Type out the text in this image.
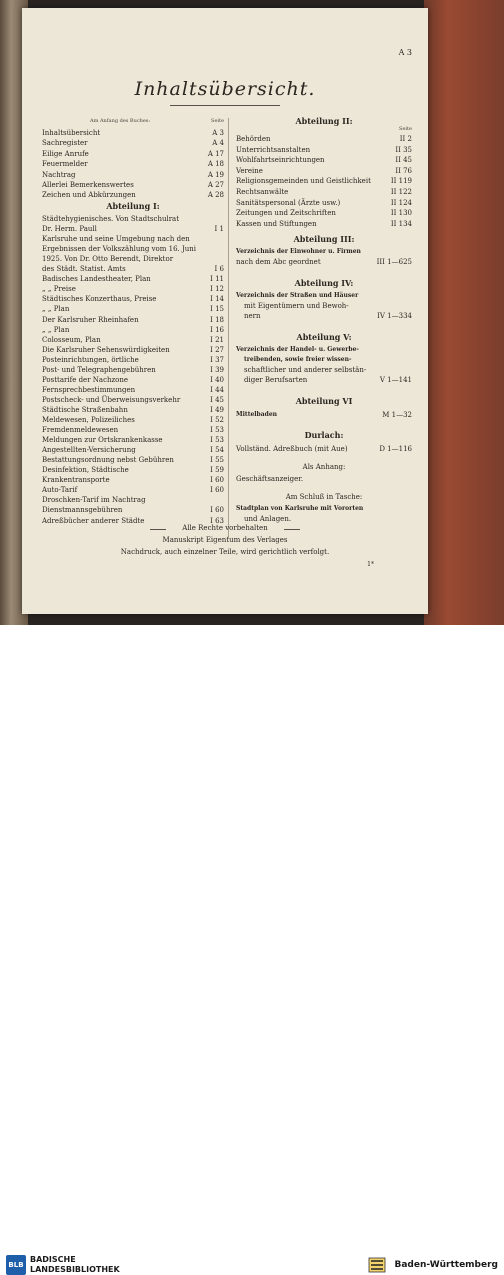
A 3
Inhaltsübersicht.
Am Anfang des Buches:	Seite
Inhaltsübersicht	A 3
Sachregister	A 4
Eilige Anrufe	A 17
Feuermelder	A 18
Nachtrag	A 19
Allerlei Bemerkenswertes	A 27
Zeichen und Abkürzungen	A 28
Abteilung I:
Städtehygienisches. Von Stadtschulrat
Dr. Herm. Paull	I 1
Karlsruhe und seine Umgebung nach den
Ergebnissen der Volkszählung vom 16. Juni
1925. Von Dr. Otto Berendt, Direktor
des Städt. Statist. Amts	I 6
Badisches Landestheater, Plan	I 11
„ „ Preise	I 12
Städtisches Konzerthaus, Preise	I 14
„ „ Plan	I 15
Der Karlsruher Rheinhafen	I 18
„ „ Plan	I 16
Colosseum, Plan	I 21
Die Karlsruher Sehenswürdigkeiten	I 27
Posteinrichtungen, örtliche	I 37
Post- und Telegraphengebühren	I 39
Posttarife der Nachzone	I 40
Fernsprechbestimmungen	I 44
Postscheck- und Überweisungsverkehr	I 45
Städtische Straßenbahn	I 49
Meldewesen, Polizeiliches	I 52
Fremdenmeldewesen	I 53
Meldungen zur Ortskrankenkasse	I 53
Angestellten-Versicherung	I 54
Bestattungsordnung nebst Gebühren	I 55
Desinfektion, Städtische	I 59
Krankentransporte	I 60
Auto-Tarif	I 60
Droschken-Tarif im Nachtrag
Dienstmannsgebühren	I 60
Adreßbücher anderer Städte	I 63
Abteilung II:
Seite
Behörden	II 2
Unterrichtsanstalten	II 35
Wohlfahrtseinrichtungen	II 45
Vereine	II 76
Religionsgemeinden und Geistlichkeit	II 119
Rechtsanwälte	II 122
Sanitätspersonal (Ärzte usw.)	II 124
Zeitungen und Zeitschriften	II 130
Kassen und Stiftungen	II 134
Abteilung III:
Verzeichnis der Einwohner u. Firmen
nach dem Abc geordnet	III 1—625
Abteilung IV:
Verzeichnis der Straßen und Häuser
mit Eigentümern und Bewoh-
nern	IV 1—334
Abteilung V:
Verzeichnis der Handel- u. Gewerbe-
treibenden, sowie freier wissen-
schaftlicher und anderer selbstän-
diger Berufsarten	V 1—141
Abteilung VI
Mittelbaden	M 1—32
Durlach:
Vollständ. Adreßbuch (mit Aue)	D 1—116
Als Anhang:
Geschäftsanzeiger.
Am Schluß in Tasche:
Stadtplan von Karlsruhe mit Vororten
und Anlagen.
Alle Rechte vorbehalten
Manuskript Eigentum des Verlages
Nachdruck, auch einzelner Teile, wird gerichtlich verfolgt.
1*
BLB
BADISCHE
LANDESBIBLIOTHEK	Baden-Württemberg
